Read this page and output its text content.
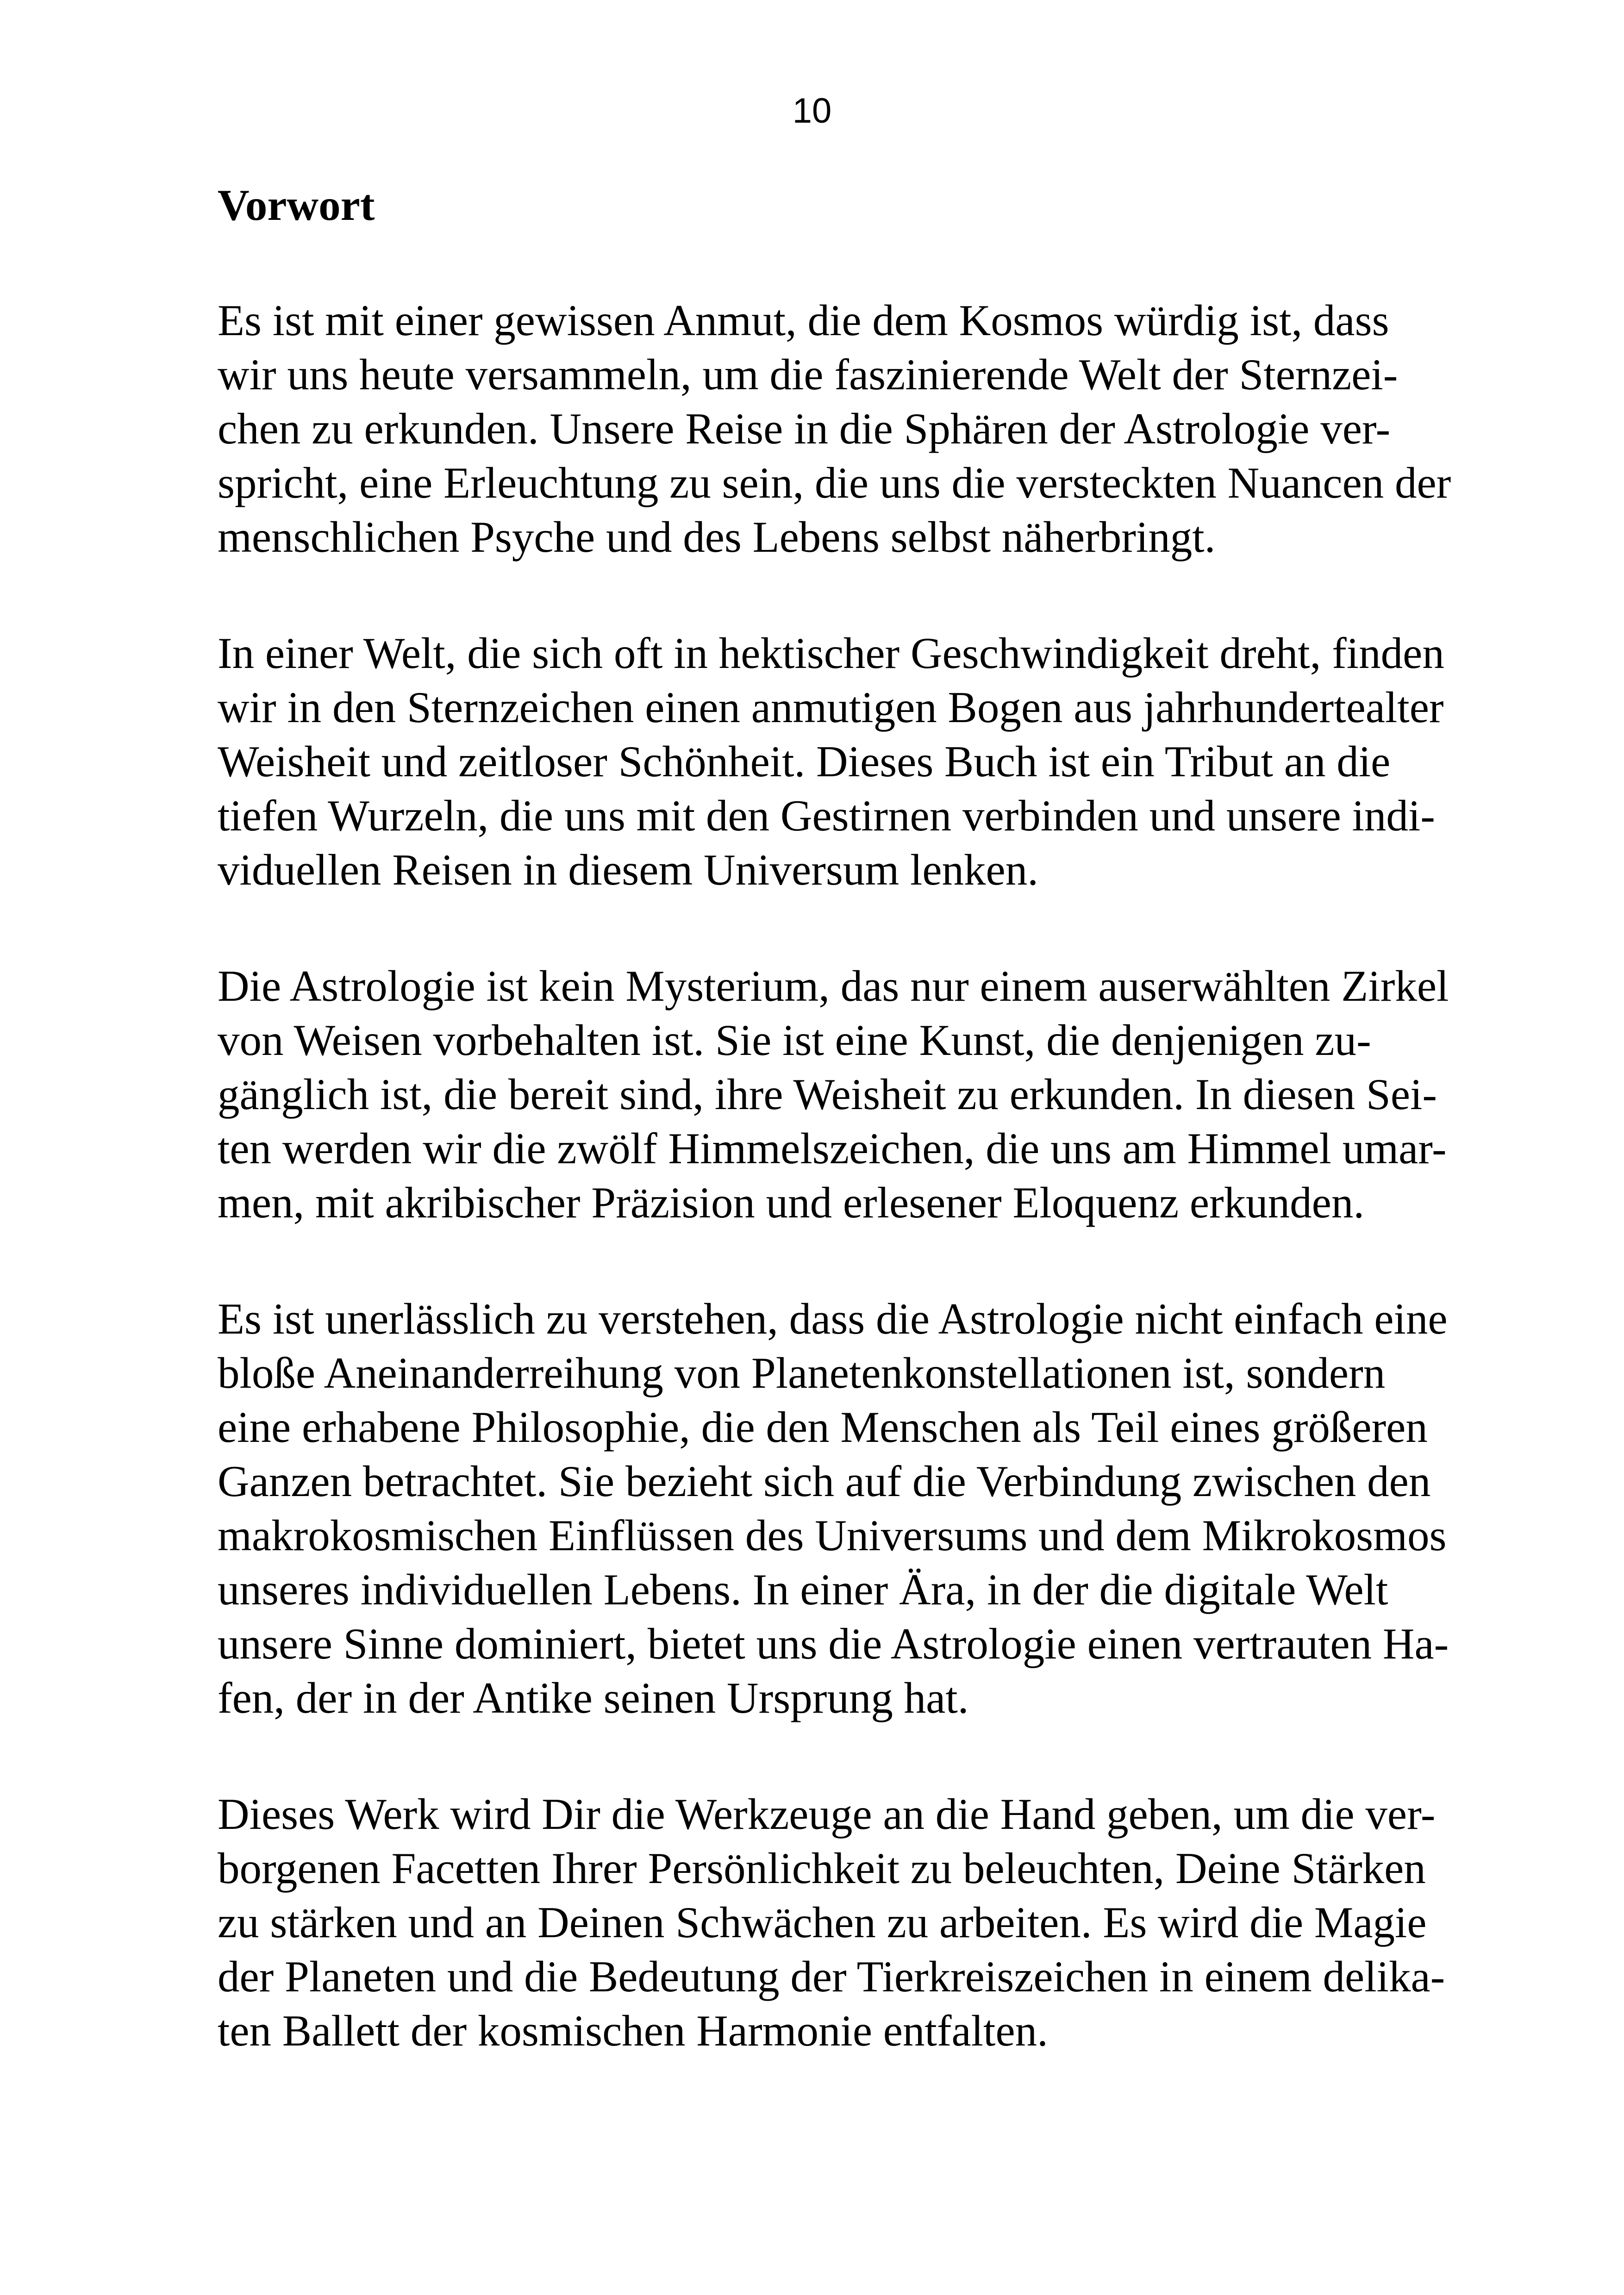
10
Vorwort

Es ist mit einer gewissen Anmut, die dem Kosmos würdig ist, dass
wir uns heute versammeln, um die faszinierende Welt der Sternzei-
chen zu erkunden. Unsere Reise in die Sphären der Astrologie ver-
spricht, eine Erleuchtung zu sein, die uns die versteckten Nuancen der
menschlichen Psyche und des Lebens selbst näherbringt.

In einer Welt, die sich oft in hektischer Geschwindigkeit dreht, finden
wir in den Sternzeichen einen anmutigen Bogen aus jahrhundertealter
Weisheit und zeitloser Schönheit. Dieses Buch ist ein Tribut an die
tiefen Wurzeln, die uns mit den Gestirnen verbinden und unsere indi-
viduellen Reisen in diesem Universum lenken.

Die Astrologie ist kein Mysterium, das nur einem auserwählten Zirkel
von Weisen vorbehalten ist. Sie ist eine Kunst, die denjenigen zu-
gänglich ist, die bereit sind, ihre Weisheit zu erkunden. In diesen Sei-
ten werden wir die zwölf Himmelszeichen, die uns am Himmel umar-
men, mit akribischer Präzision und erlesener Eloquenz erkunden.

Es ist unerlässlich zu verstehen, dass die Astrologie nicht einfach eine
bloße Aneinanderreihung von Planetenkonstellationen ist, sondern
eine erhabene Philosophie, die den Menschen als Teil eines größeren
Ganzen betrachtet. Sie bezieht sich auf die Verbindung zwischen den
makrokosmischen Einflüssen des Universums und dem Mikrokosmos
unseres individuellen Lebens. In einer Ära, in der die digitale Welt
unsere Sinne dominiert, bietet uns die Astrologie einen vertrauten Ha-
fen, der in der Antike seinen Ursprung hat.

Dieses Werk wird Dir die Werkzeuge an die Hand geben, um die ver-
borgenen Facetten Ihrer Persönlichkeit zu beleuchten, Deine Stärken
zu stärken und an Deinen Schwächen zu arbeiten. Es wird die Magie
der Planeten und die Bedeutung der Tierkreiszeichen in einem delika-
ten Ballett der kosmischen Harmonie entfalten.
